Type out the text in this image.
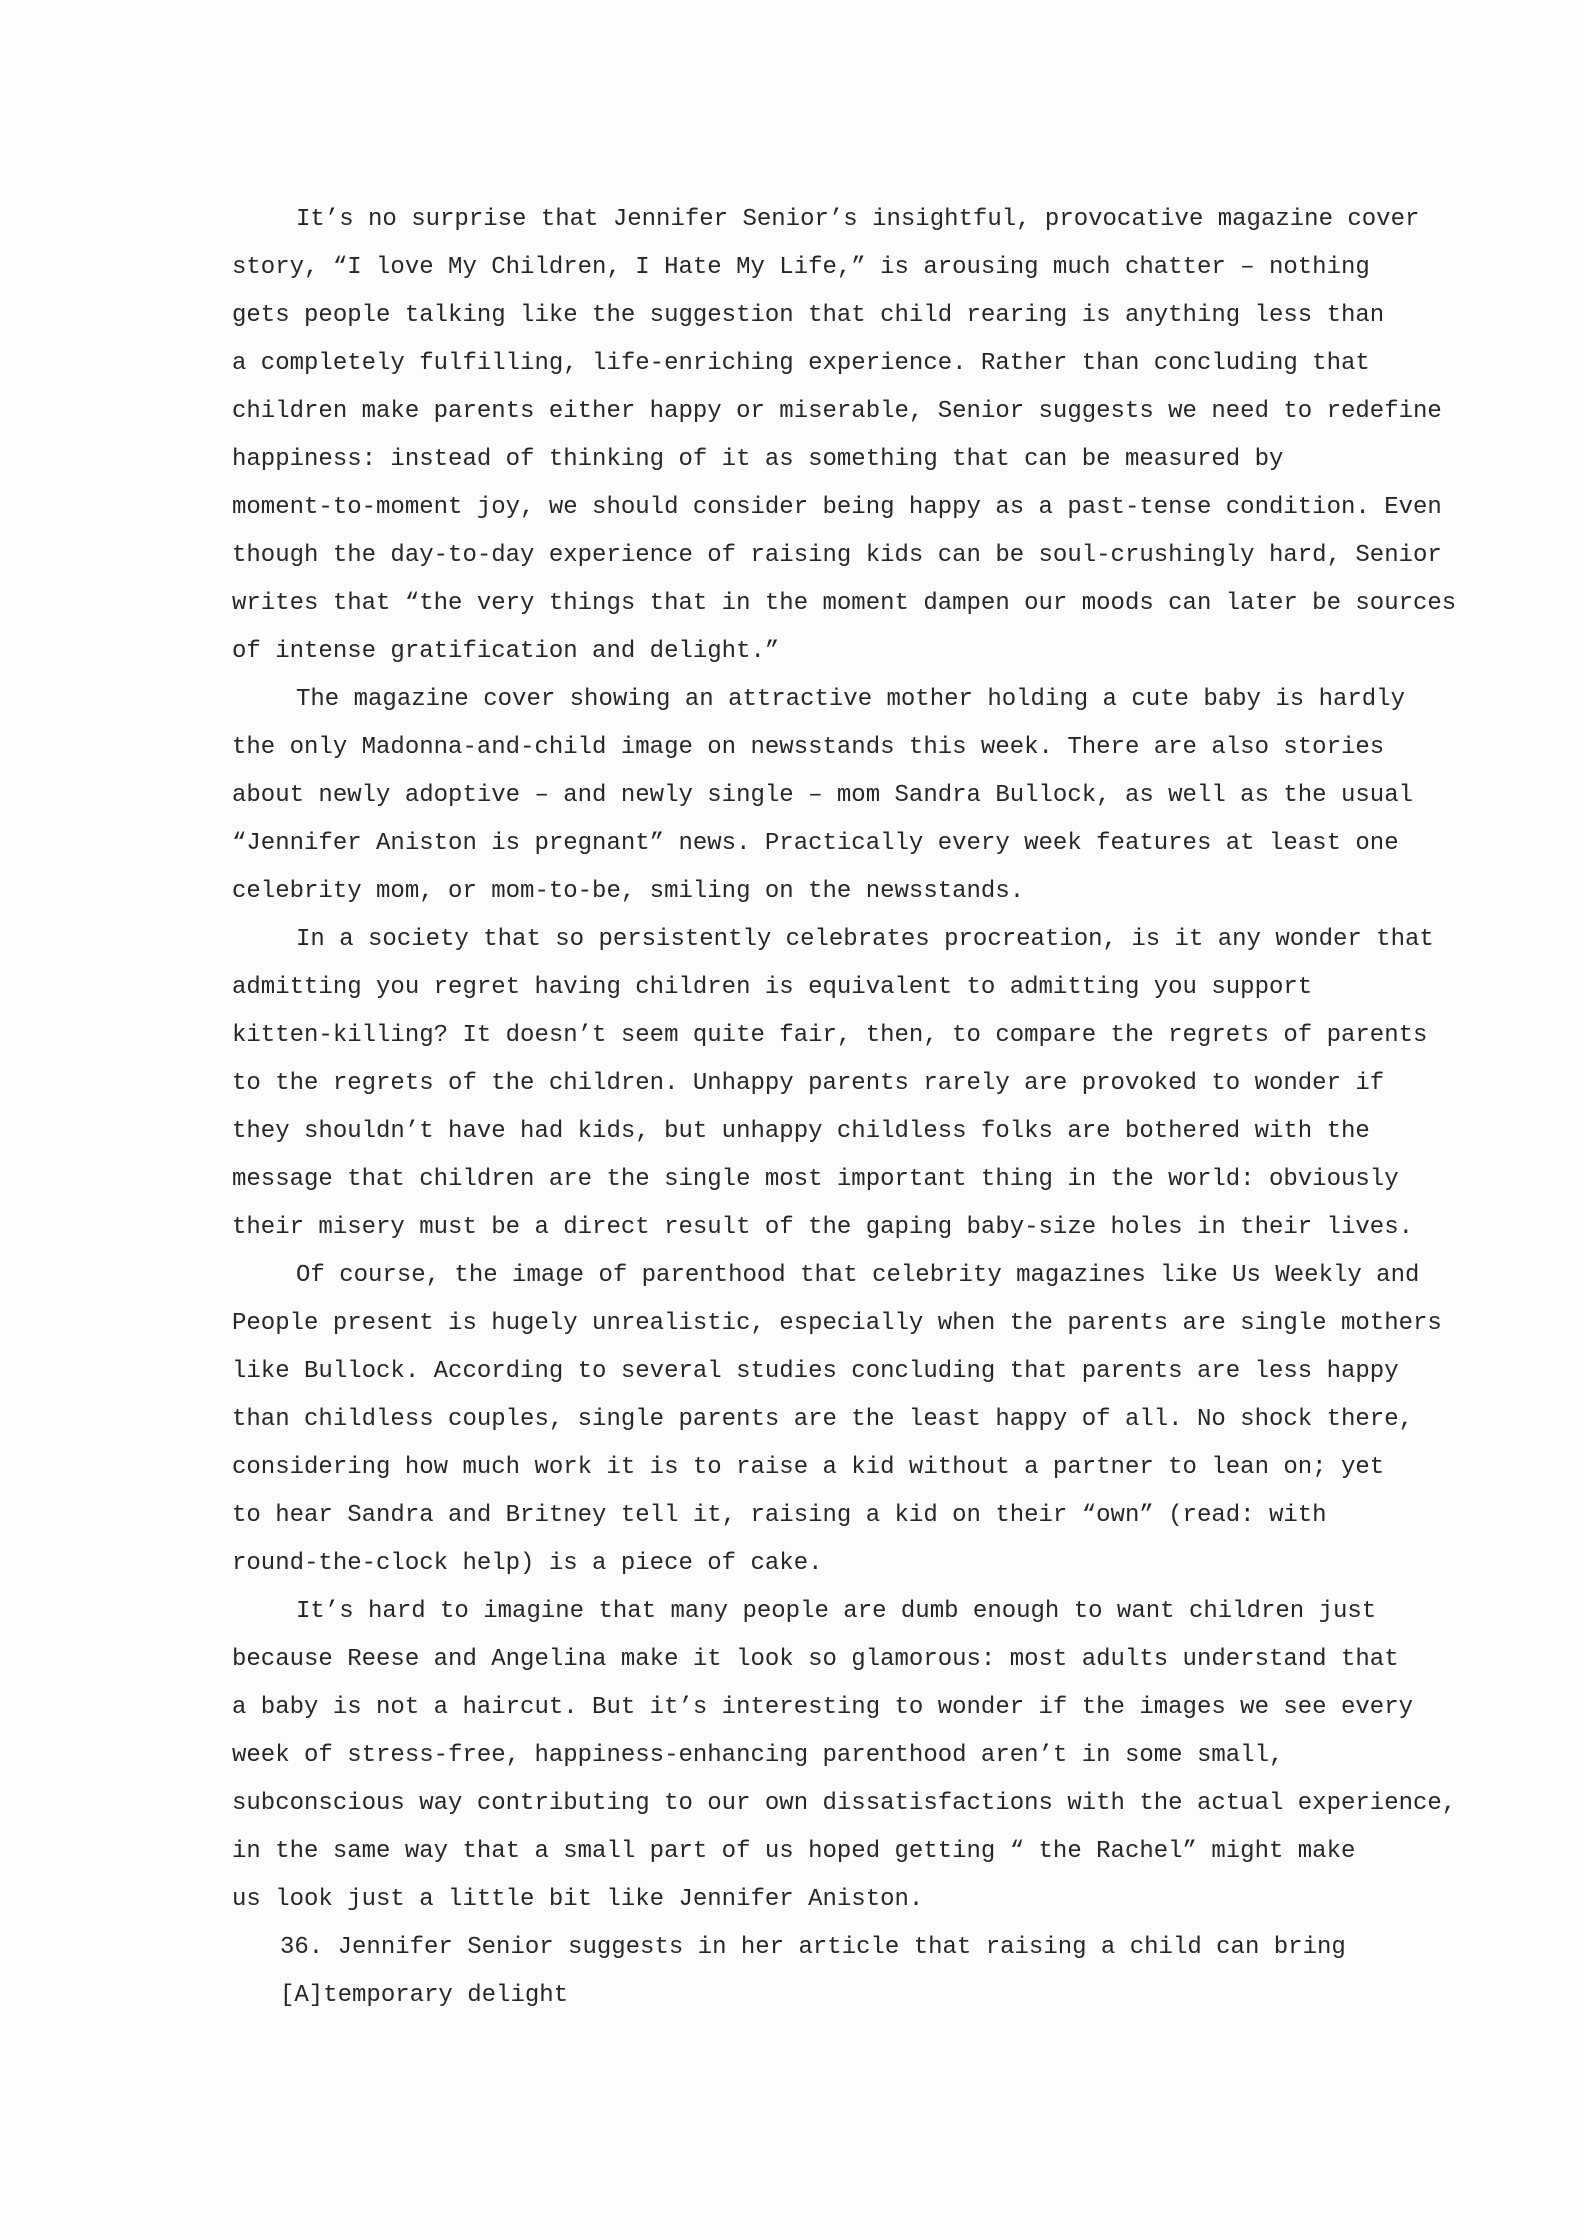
It’s no surprise that Jennifer Senior’s insightful, provocative magazine cover
story, “I love My Children, I Hate My Life,” is arousing much chatter – nothing
gets people talking like the suggestion that child rearing is anything less than
a completely fulfilling, life-enriching experience. Rather than concluding that
children make parents either happy or miserable, Senior suggests we need to redefine
happiness: instead of thinking of it as something that can be measured by
moment-to-moment joy, we should consider being happy as a past-tense condition. Even
though the day-to-day experience of raising kids can be soul-crushingly hard, Senior
writes that “the very things that in the moment dampen our moods can later be sources
of intense gratification and delight.”
The magazine cover showing an attractive mother holding a cute baby is hardly
the only Madonna-and-child image on newsstands this week. There are also stories
about newly adoptive – and newly single – mom Sandra Bullock, as well as the usual
“Jennifer Aniston is pregnant” news. Practically every week features at least one
celebrity mom, or mom-to-be, smiling on the newsstands.
In a society that so persistently celebrates procreation, is it any wonder that
admitting you regret having children is equivalent to admitting you support
kitten-killing? It doesn’t seem quite fair, then, to compare the regrets of parents
to the regrets of the children. Unhappy parents rarely are provoked to wonder if
they shouldn’t have had kids, but unhappy childless folks are bothered with the
message that children are the single most important thing in the world: obviously
their misery must be a direct result of the gaping baby-size holes in their lives.
Of course, the image of parenthood that celebrity magazines like Us Weekly and
People present is hugely unrealistic, especially when the parents are single mothers
like Bullock. According to several studies concluding that parents are less happy
than childless couples, single parents are the least happy of all. No shock there,
considering how much work it is to raise a kid without a partner to lean on; yet
to hear Sandra and Britney tell it, raising a kid on their “own” (read: with
round-the-clock help) is a piece of cake.
It’s hard to imagine that many people are dumb enough to want children just
because Reese and Angelina make it look so glamorous: most adults understand that
a baby is not a haircut. But it’s interesting to wonder if the images we see every
week of stress-free, happiness-enhancing parenthood aren’t in some small,
subconscious way contributing to our own dissatisfactions with the actual experience,
in the same way that a small part of us hoped getting “ the Rachel” might make
us look just a little bit like Jennifer Aniston.
36. Jennifer Senior suggests in her article that raising a child can bring
[A]temporary delight
